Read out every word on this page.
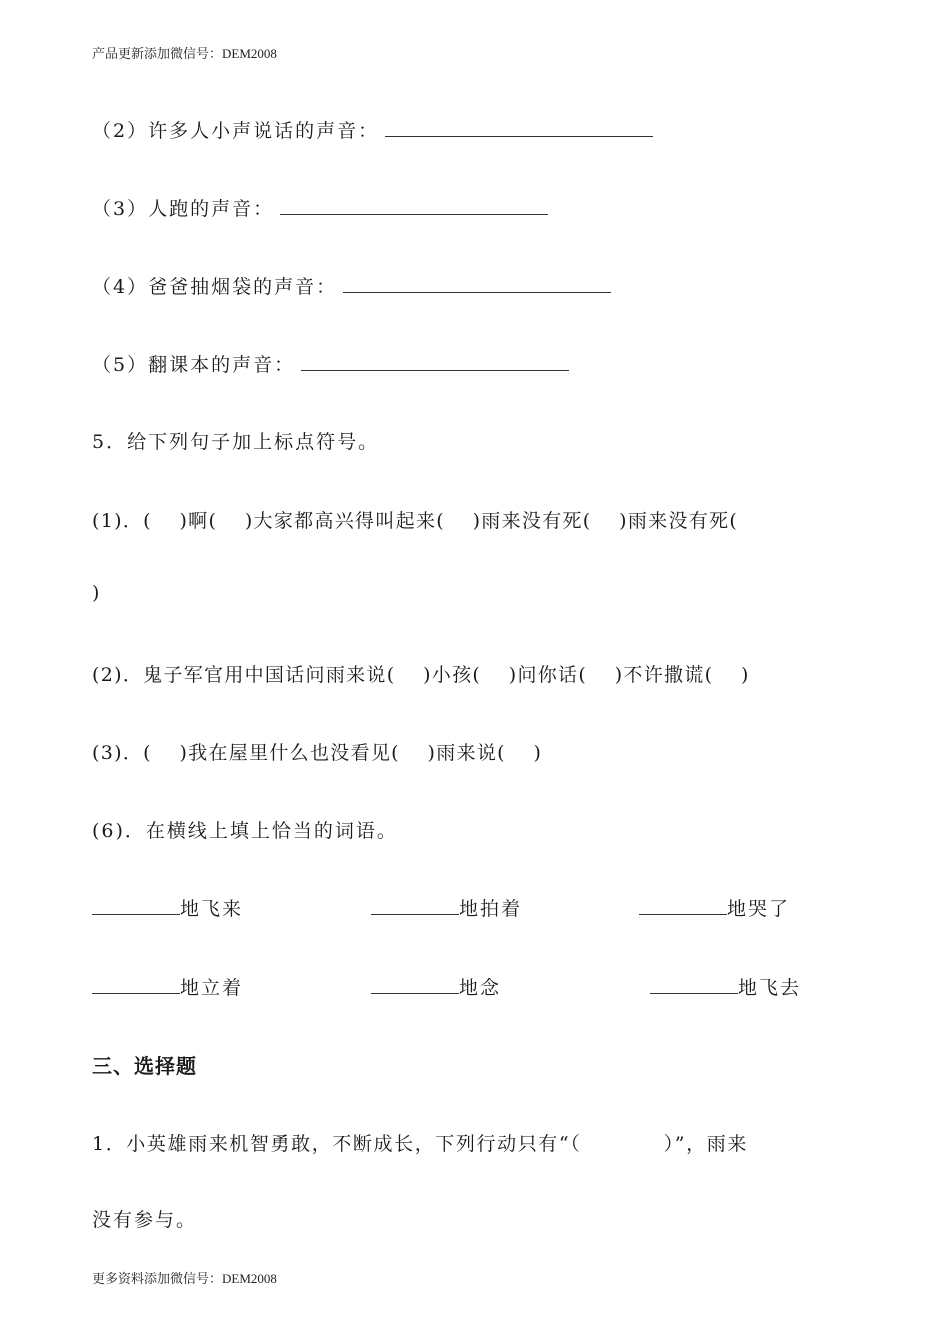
产品更新添加微信号：DEM2008
（2）许多人小声说话的声音：
（3）人跑的声音：
（4）爸爸抽烟袋的声音：
（5）翻课本的声音：
5．给下列句子加上标点符号。
(1)．(　 )啊(　 )大家都高兴得叫起来(　 )雨来没有死(　 )雨来没有死(
)
(2)．鬼子军官用中国话问雨来说(　 )小孩(　 )问你话(　 )不许撒谎(　 )
(3)．(　 )我在屋里什么也没看见(　 )雨来说(　 )
(6)．在横线上填上恰当的词语。
地飞来	地拍着	地哭了
地立着	地念	地飞去
三、选择题
1．小英雄雨来机智勇敢，不断成长，下列行动只有“（　　　　）”，雨来
没有参与。
更多资料添加微信号：DEM2008
